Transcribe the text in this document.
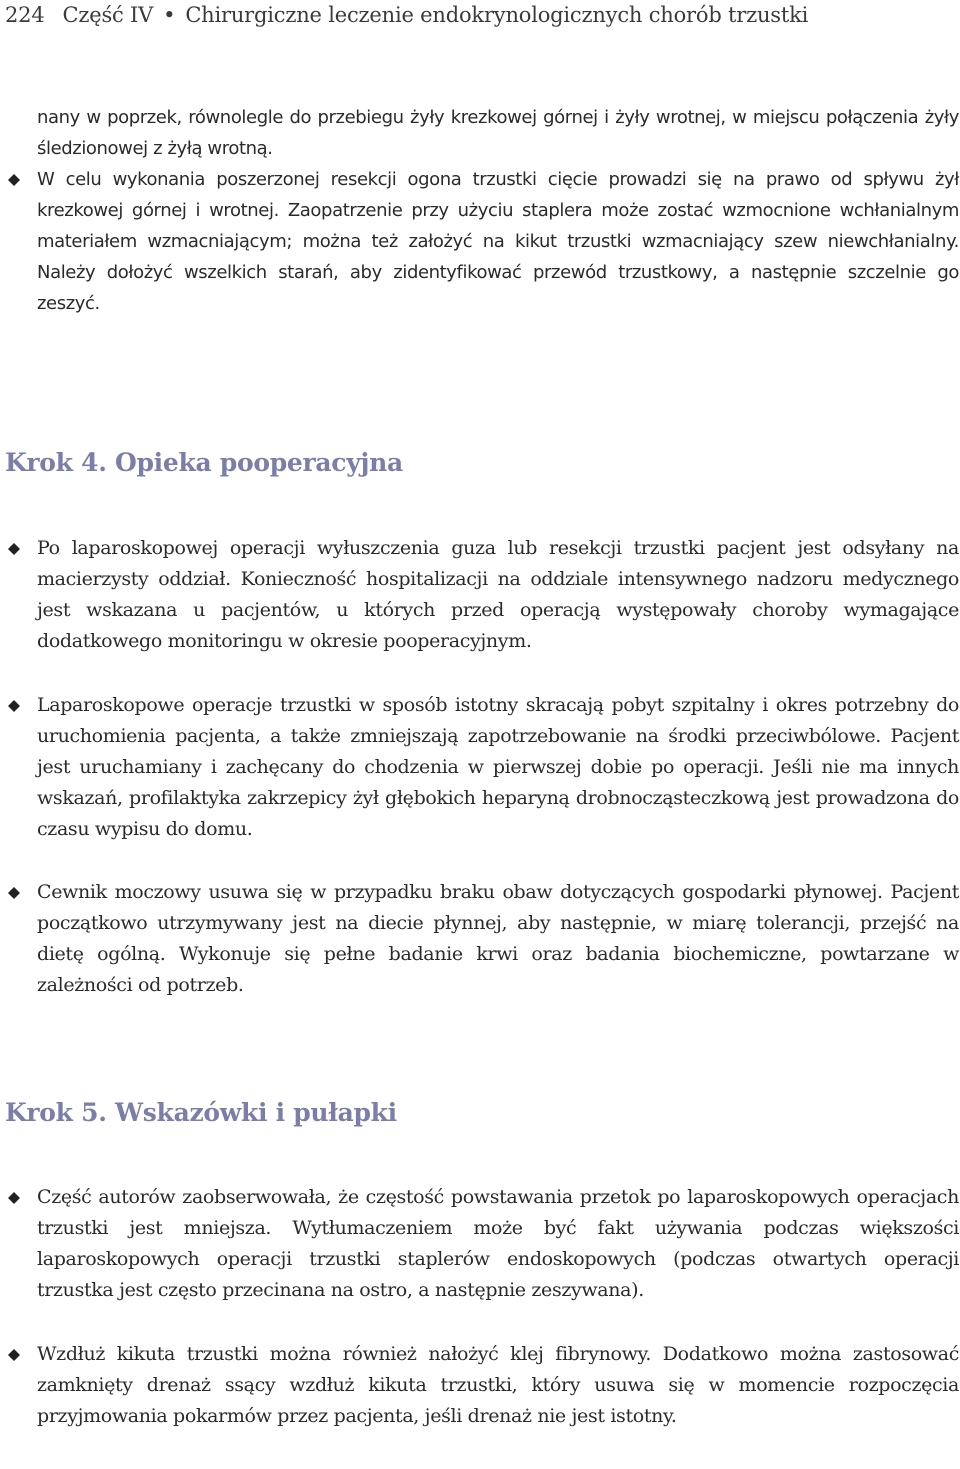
224 Część IV • Chirurgiczne leczenie endokrynologicznych chorób trzustki

nany w poprzek, równolegle do przebiegu żyły krezkowej górnej i żyły wrotnej, w miejscu połączenia żyły śledzionowej z żyłą wrotną.

W celu wykonania poszerzonej resekcji ogona trzustki cięcie prowadzi się na prawo od spływu żył krezkowej górnej i wrotnej. Zaopatrzenie przy użyciu staplera może zostać wzmocnione wchłanialnym materiałem wzmacniającym; można też założyć na kikut trzustki wzmacniający szew niewchłanialny. Należy dołożyć wszelkich starań, aby zidentyfikować przewód trzustkowy, a następnie szczelnie go zeszyć.

Krok 4. Opieka pooperacyjna

Po laparoskopowej operacji wyłuszczenia guza lub resekcji trzustki pacjent jest odsyłany na macierzysty oddział. Konieczność hospitalizacji na oddziale intensywnego nadzoru medycznego jest wskazana u pacjentów, u których przed operacją występowały choroby wymagające dodatkowego monitoringu w okresie pooperacyjnym.

Laparoskopowe operacje trzustki w sposób istotny skracają pobyt szpitalny i okres potrzebny do uruchomienia pacjenta, a także zmniejszają zapotrzebowanie na środki przeciwbólowe. Pacjent jest uruchamiany i zachęcany do chodzenia w pierwszej dobie po operacji. Jeśli nie ma innych wskazań, profilaktyka zakrzepicy żył głębokich heparyną drobnocząsteczkową jest prowadzona do czasu wypisu do domu.

Cewnik moczowy usuwa się w przypadku braku obaw dotyczących gospodarki płynowej. Pacjent początkowo utrzymywany jest na diecie płynnej, aby następnie, w miarę tolerancji, przejść na dietę ogólną. Wykonuje się pełne badanie krwi oraz badania biochemiczne, powtarzane w zależności od potrzeb.

Krok 5. Wskazówki i pułapki

Część autorów zaobserwowała, że częstość powstawania przetok po laparoskopowych operacjach trzustki jest mniejsza. Wytłumaczeniem może być fakt używania podczas większości laparoskopowych operacji trzustki staplerów endoskopowych (podczas otwartych operacji trzustka jest często przecinana na ostro, a następnie zeszywana).

Wzdłuż kikuta trzustki można również nałożyć klej fibrynowy. Dodatkowo można zastosować zamknięty drenaż ssący wzdłuż kikuta trzustki, który usuwa się w momencie rozpoczęcia przyjmowania pokarmów przez pacjenta, jeśli drenaż nie jest istotny.
